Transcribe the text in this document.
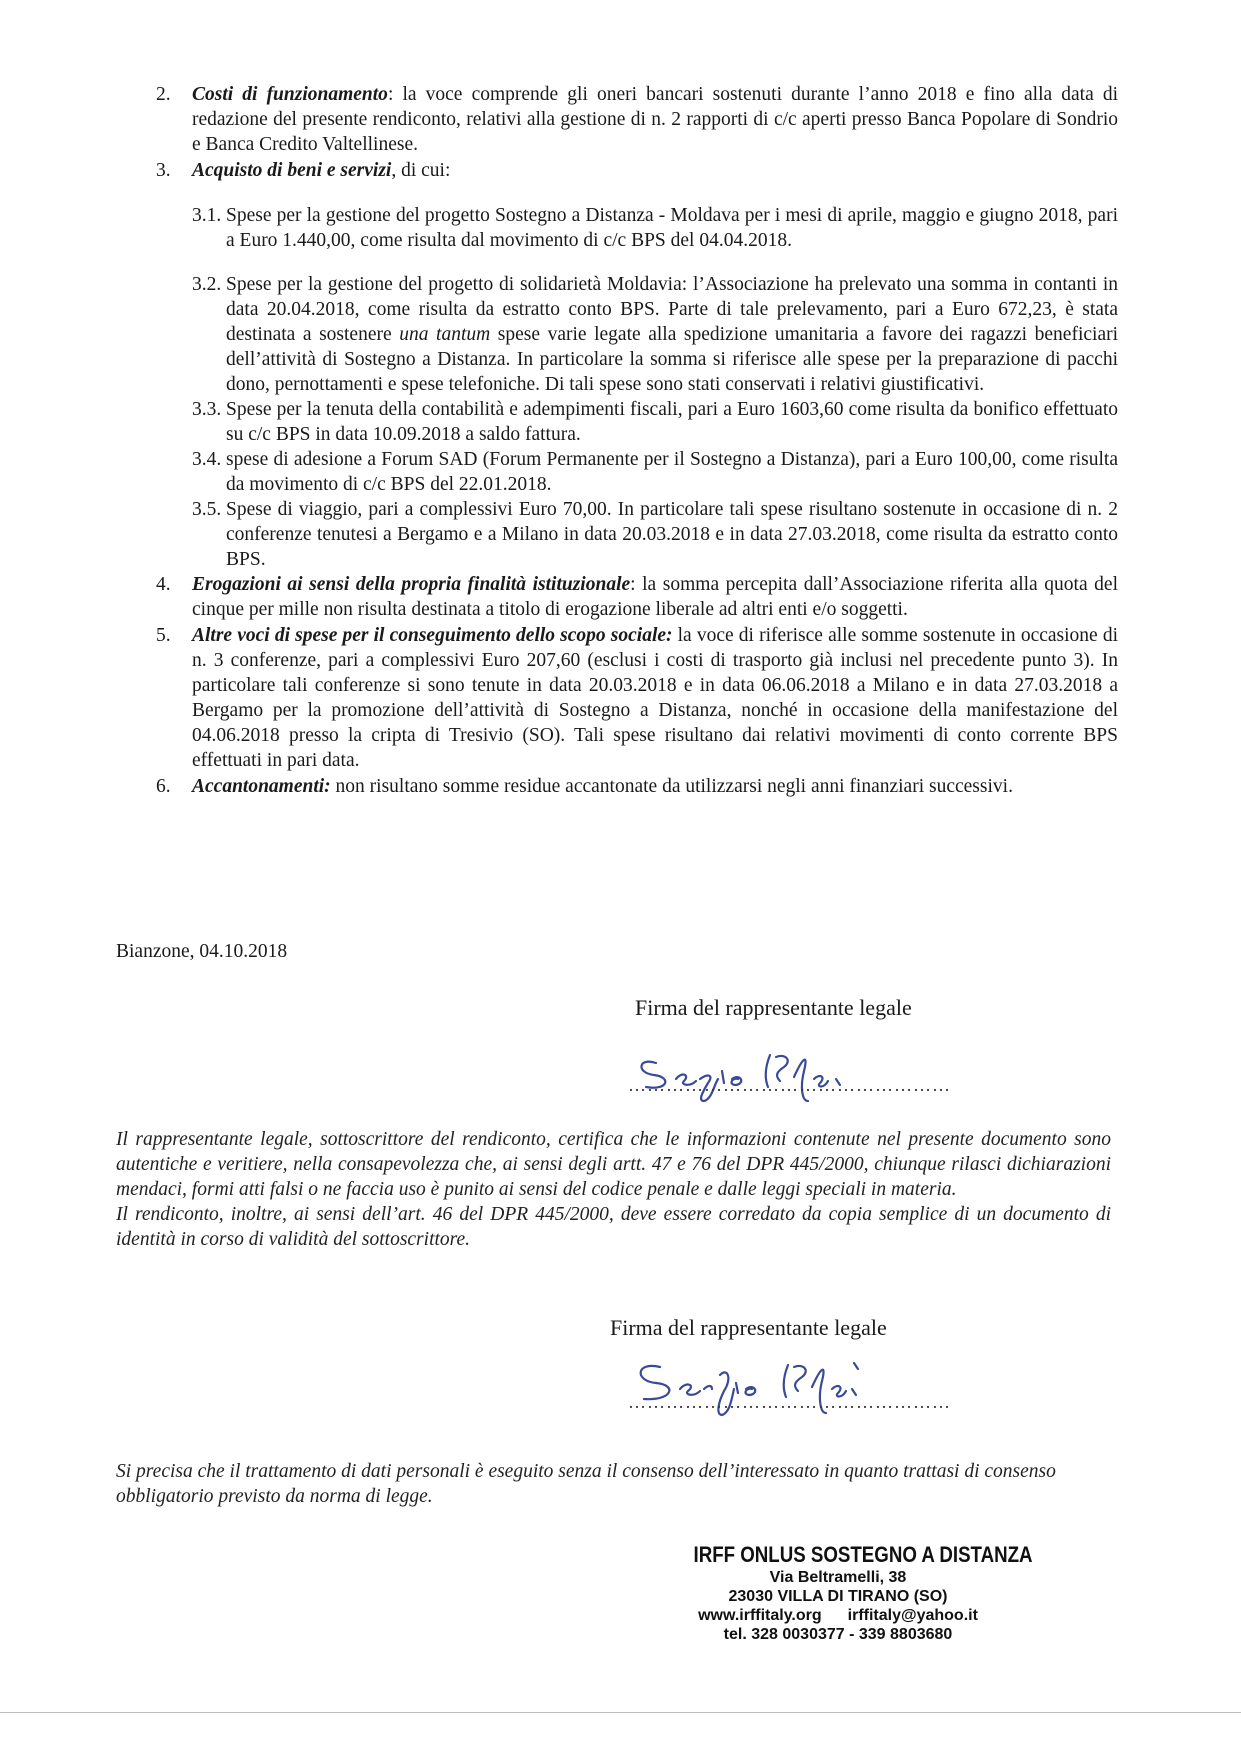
2. Costi di funzionamento: la voce comprende gli oneri bancari sostenuti durante l’anno 2018 e fino alla data di redazione del presente rendiconto, relativi alla gestione di n. 2 rapporti di c/c aperti presso Banca Popolare di Sondrio e Banca Credito Valtellinese.

3. Acquisto di beni e servizi, di cui:

3.1. Spese per la gestione del progetto Sostegno a Distanza - Moldava per i mesi di aprile, maggio e giugno 2018, pari a Euro 1.440,00, come risulta dal movimento di c/c BPS del 04.04.2018.

3.2. Spese per la gestione del progetto di solidarietà Moldavia: l’Associazione ha prelevato una somma in contanti in data 20.04.2018, come risulta da estratto conto BPS. Parte di tale prelevamento, pari a Euro 672,23, è stata destinata a sostenere una tantum spese varie legate alla spedizione umanitaria a favore dei ragazzi beneficiari dell’attività di Sostegno a Distanza. In particolare la somma si riferisce alle spese per la preparazione di pacchi dono, pernottamenti e spese telefoniche. Di tali spese sono stati conservati i relativi giustificativi.

3.3. Spese per la tenuta della contabilità e adempimenti fiscali, pari a Euro 1603,60 come risulta da bonifico effettuato su c/c BPS in data 10.09.2018 a saldo fattura.

3.4. spese di adesione a Forum SAD (Forum Permanente per il Sostegno a Distanza), pari a Euro 100,00, come risulta da movimento di c/c BPS del 22.01.2018.

3.5. Spese di viaggio, pari a complessivi Euro 70,00. In particolare tali spese risultano sostenute in occasione di n. 2 conferenze tenutesi a Bergamo e a Milano in data 20.03.2018 e in data 27.03.2018, come risulta da estratto conto BPS.

4. Erogazioni ai sensi della propria finalità istituzionale: la somma percepita dall’Associazione riferita alla quota del cinque per mille non risulta destinata a titolo di erogazione liberale ad altri enti e/o soggetti.

5. Altre voci di spese per il conseguimento dello scopo sociale: la voce di riferisce alle somme sostenute in occasione di n. 3 conferenze, pari a complessivi Euro 207,60 (esclusi i costi di trasporto già inclusi nel precedente punto 3). In particolare tali conferenze si sono tenute in data 20.03.2018 e in data 06.06.2018 a Milano e in data 27.03.2018 a Bergamo per la promozione dell’attività di Sostegno a Distanza, nonché in occasione della manifestazione del 04.06.2018 presso la cripta di Tresivio (SO). Tali spese risultano dai relativi movimenti di conto corrente BPS effettuati in pari data.

6. Accantonamenti: non risultano somme residue accantonate da utilizzarsi negli anni finanziari successivi.

Bianzone, 04.10.2018
Firma del rappresentante legale
……………………………………………
Il rappresentante legale, sottoscrittore del rendiconto, certifica che le informazioni contenute nel presente documento sono autentiche e veritiere, nella consapevolezza che, ai sensi degli artt. 47 e 76 del DPR 445/2000, chiunque rilasci dichiarazioni mendaci, formi atti falsi o ne faccia uso è punito ai sensi del codice penale e dalle leggi speciali in materia.
Il rendiconto, inoltre, ai sensi dell’art. 46 del DPR 445/2000, deve essere corredato da copia semplice di un documento di identità in corso di validità del sottoscrittore.
Firma del rappresentante legale
……………………………………………
Si precisa che il trattamento di dati personali è eseguito senza il consenso dell’interessato in quanto trattasi di consenso obbligatorio previsto da norma di legge.
IRFF ONLUS SOSTEGNO A DISTANZA
Via Beltramelli, 38
23030 VILLA DI TIRANO (SO)
www.irffitaly.org irffitaly@yahoo.it
tel. 328 0030377 - 339 8803680
